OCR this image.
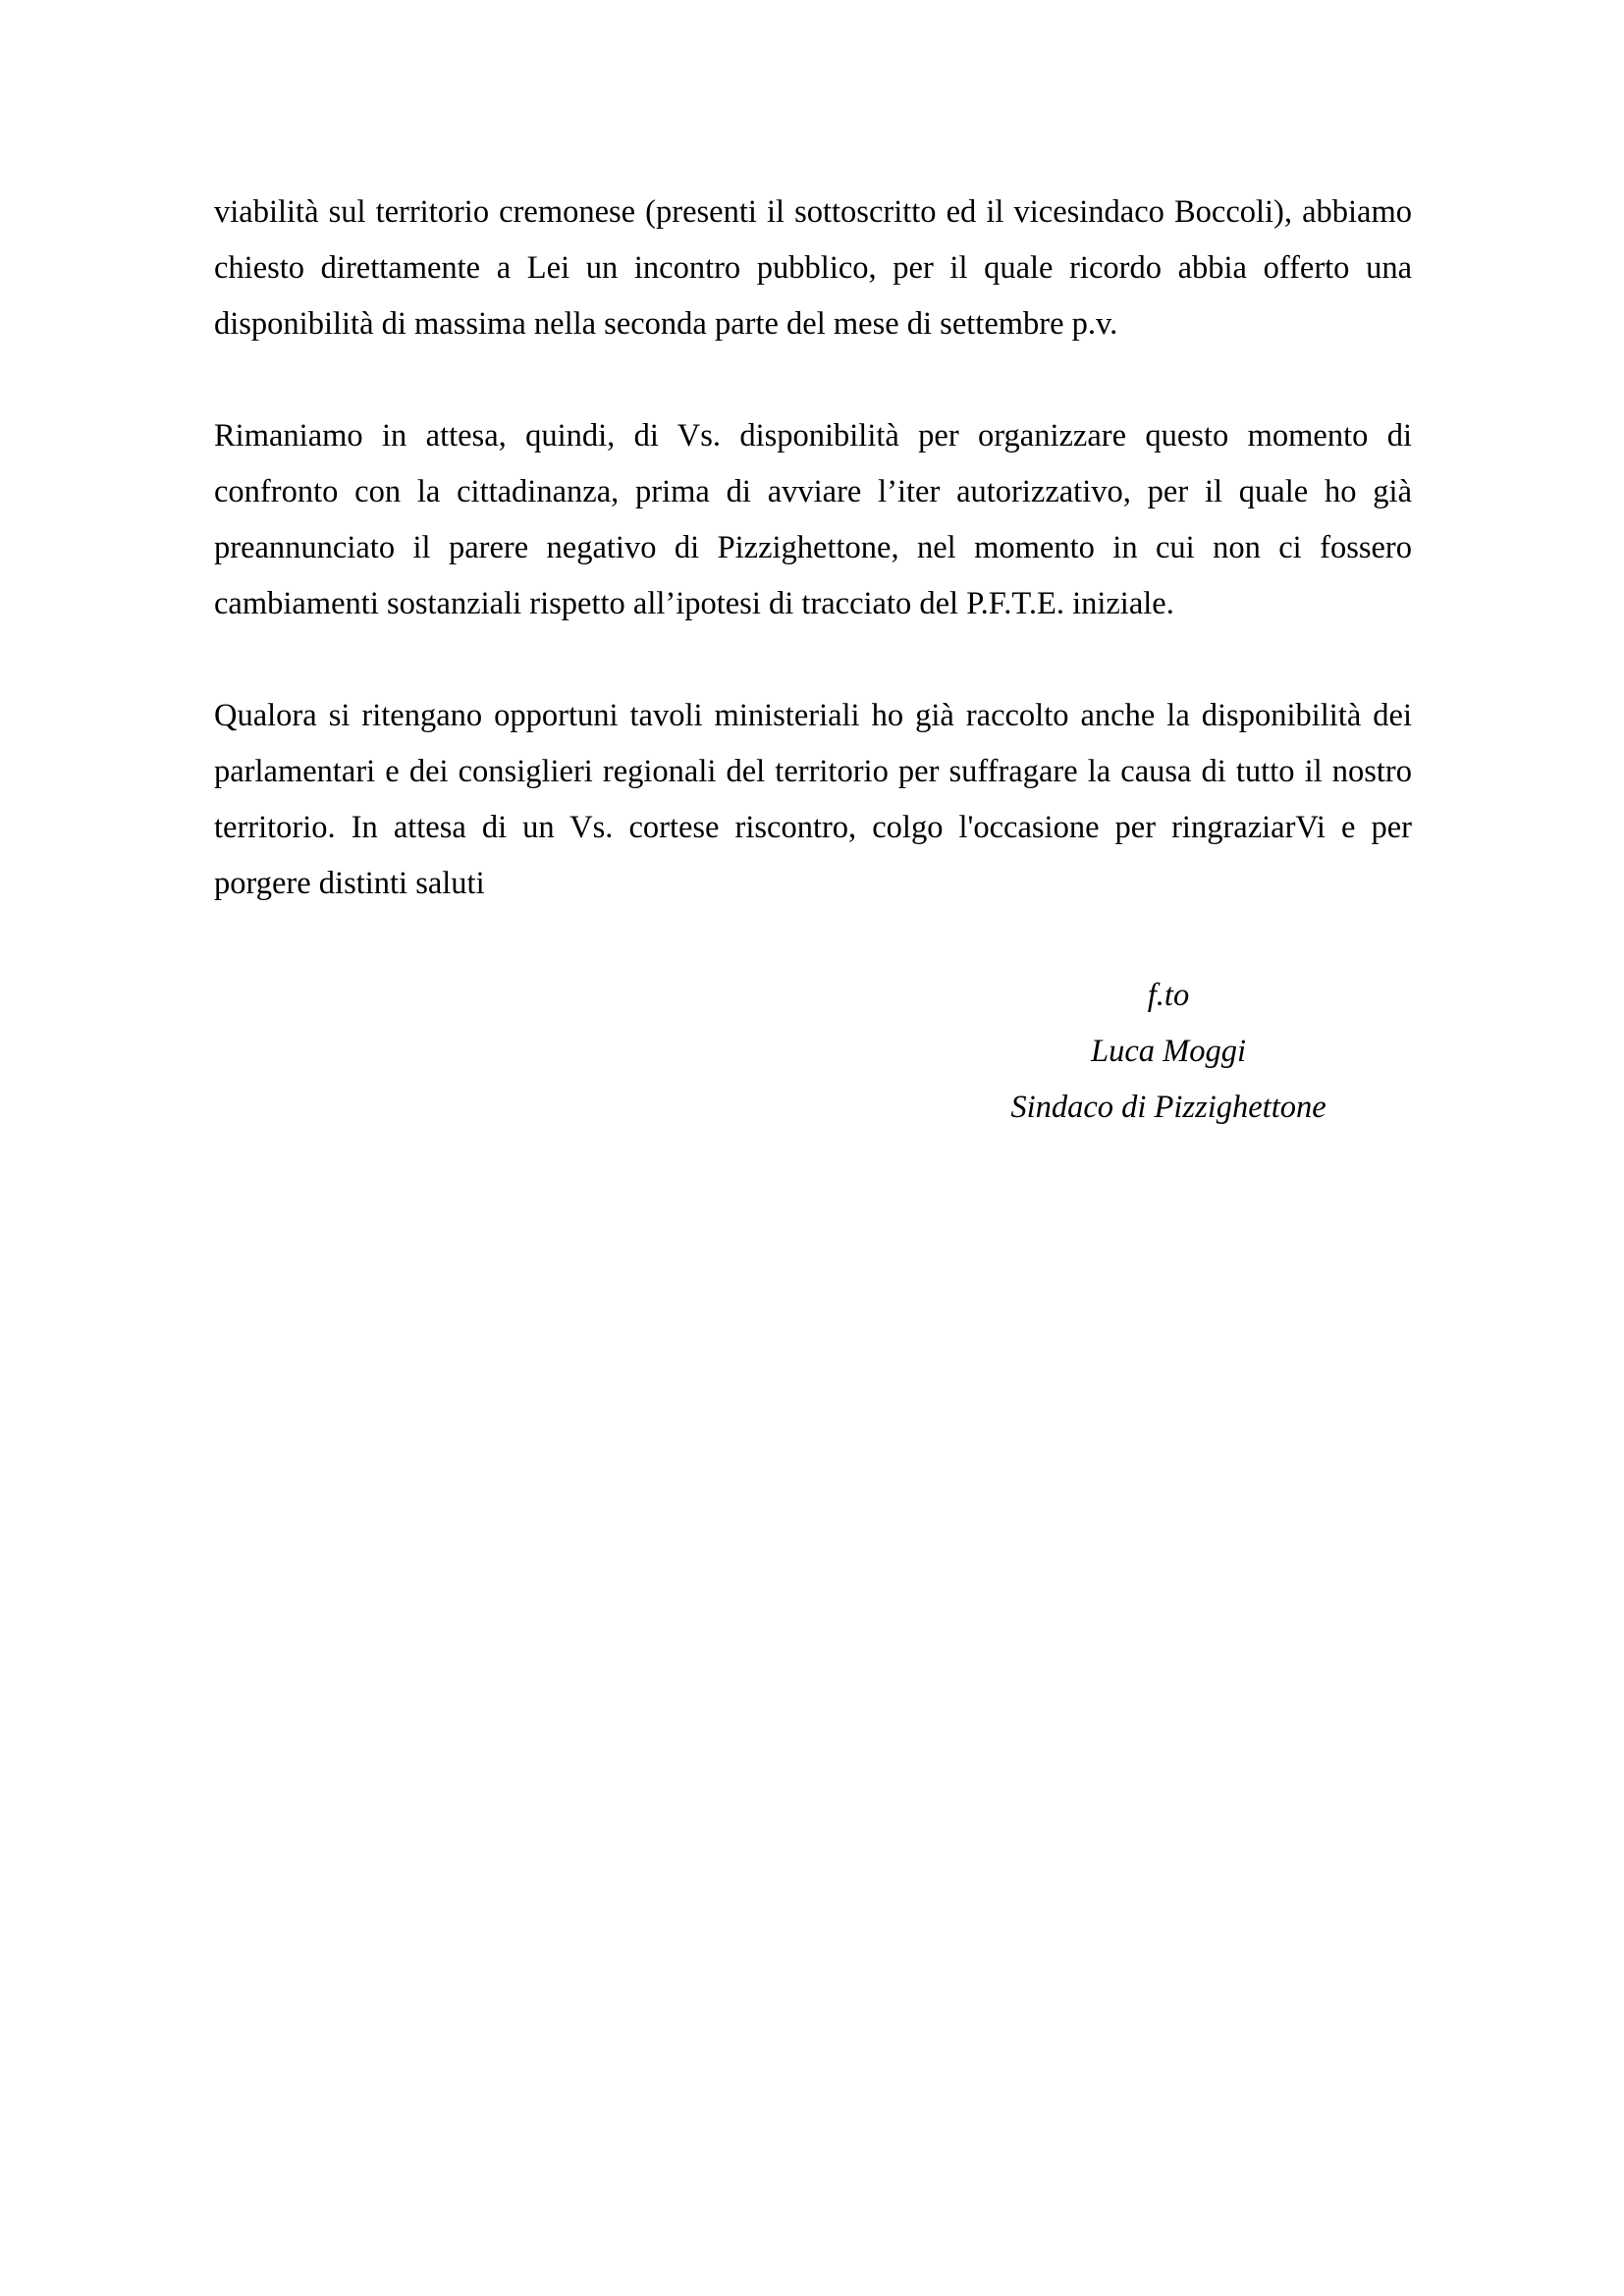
viabilità sul territorio cremonese (presenti il sottoscritto ed il vicesindaco Boccoli), abbiamo
chiesto direttamente a Lei un incontro pubblico, per il quale ricordo abbia offerto una
disponibilità di massima nella seconda parte del mese di settembre p.v.
Rimaniamo in attesa, quindi, di Vs. disponibilità per organizzare questo momento di
confronto con la cittadinanza, prima di avviare l’iter autorizzativo, per il quale ho già
preannunciato il parere negativo di Pizzighettone, nel momento in cui non ci fossero
cambiamenti sostanziali rispetto all’ipotesi di tracciato del P.F.T.E. iniziale.
Qualora si ritengano opportuni tavoli ministeriali ho già raccolto anche la disponibilità dei
parlamentari e dei consiglieri regionali del territorio per suffragare la causa di tutto il nostro
territorio. In attesa di un Vs. cortese riscontro, colgo l'occasione per ringraziarVi e per
porgere distinti saluti
f.to
Luca Moggi
Sindaco di Pizzighettone
